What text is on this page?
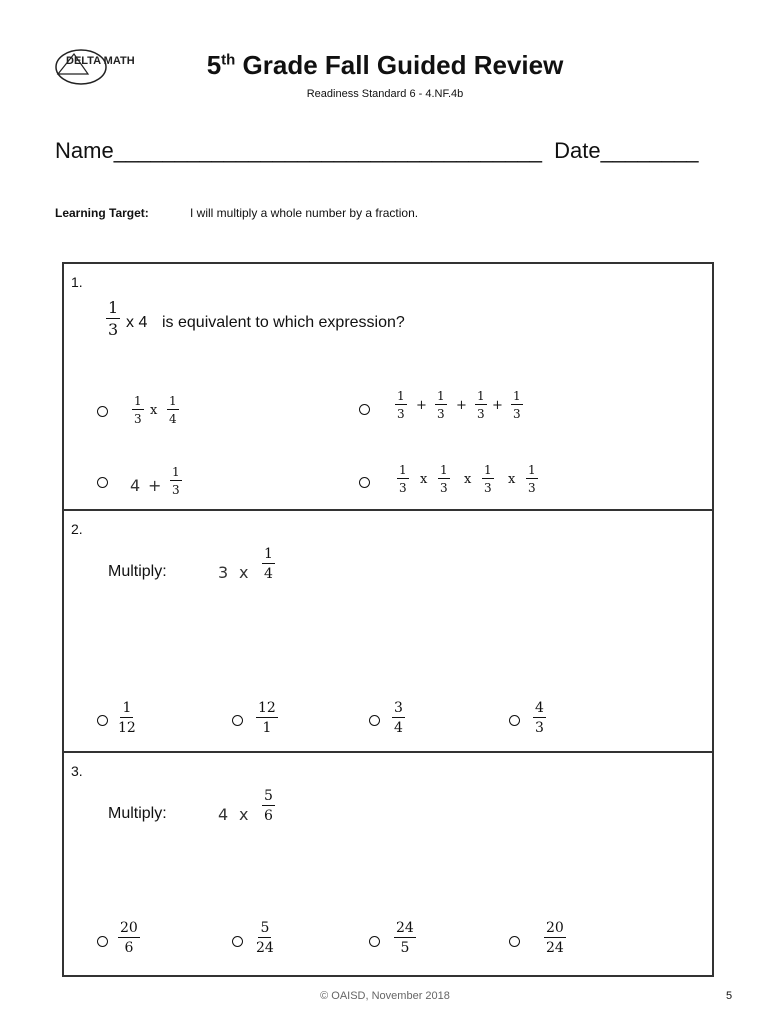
DELTA MATH	5th Grade Fall Guided Review
Readiness Standard 6 - 4.NF.4b
Name___________________________________ Date________
Learning Target:	I will multiply a whole number by a fraction.
1.
$\frac{1}{3}$ x 4 is equivalent to which expression?
$\frac{1}{3}$ x $\frac{1}{4}$	$\frac{1}{3} + \frac{1}{3} + \frac{1}{3} + \frac{1}{3}$
$4 + \frac{1}{3}$	$\frac{1}{3}$ x $\frac{1}{3}$ x $\frac{1}{3}$ x $\frac{1}{3}$
2.
Multiply:	3 x $\frac{1}{4}$
$\frac{1}{12}$	$\frac{12}{1}$	$\frac{3}{4}$	$\frac{4}{3}$
3.
Multiply:	4 x $\frac{5}{6}$
$\frac{20}{6}$	$\frac{5}{24}$	$\frac{24}{5}$	$\frac{20}{24}$
© OAISD, November 2018	5
